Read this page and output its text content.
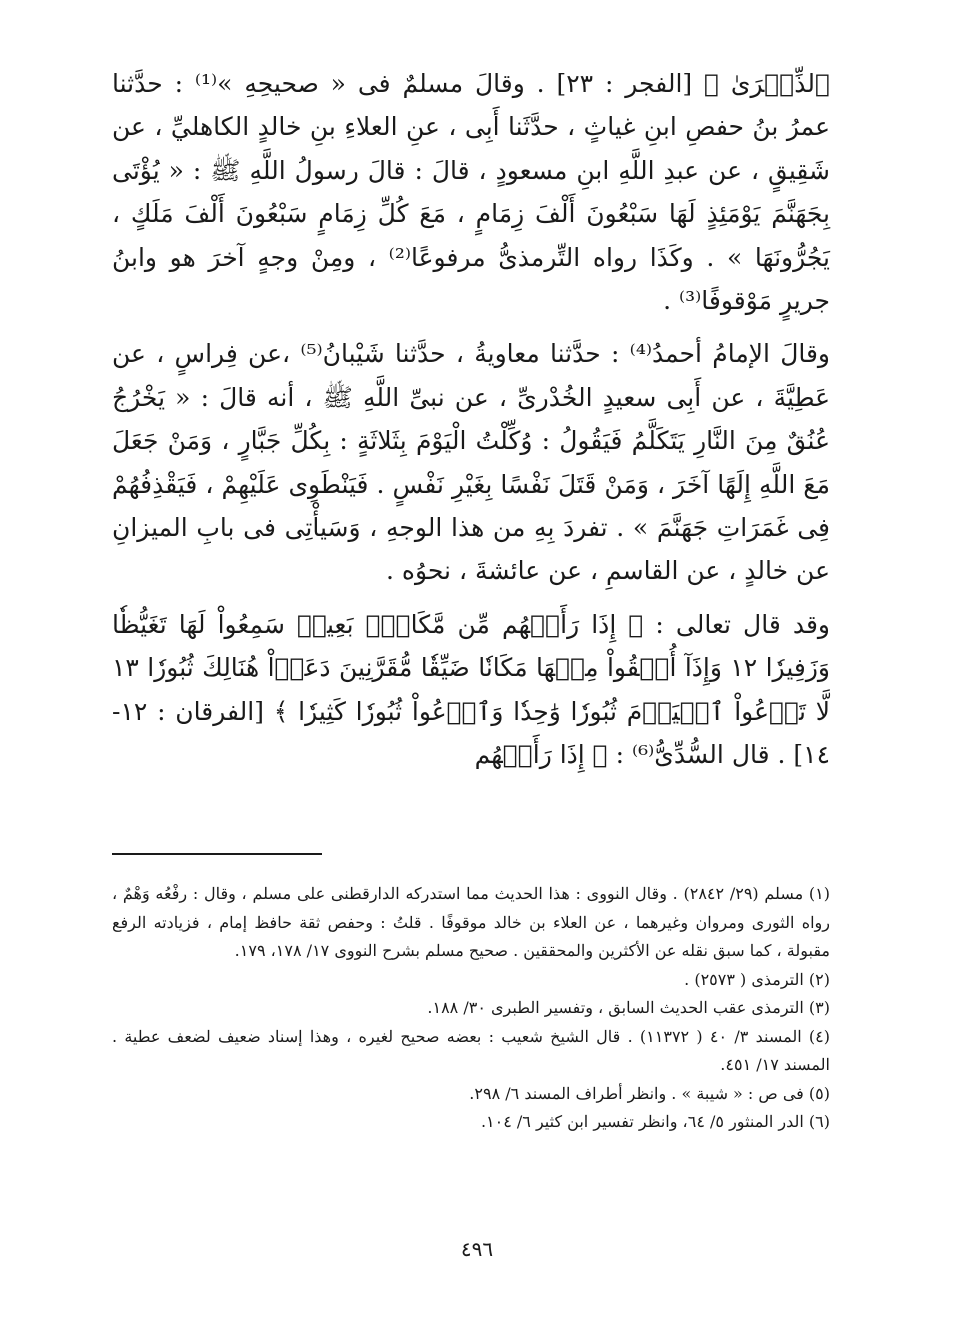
ٱلذِّكۡرَىٰ ﴾ [الفجر : ٢٣] . وقالَ مسلمٌ فى « صحيحِهِ »⁽¹⁾ : حدَّثنا عمرُ بنُ حفصِ ابنِ غياثٍ ، حدَّثَنا أَبِى ، عنِ العلاءِ بنِ خالدٍ الكاهليِّ ، عن شَقِيقٍ ، عن عبدِ اللَّهِ ابنِ مسعودٍ ، قالَ : قالَ رسولُ اللَّهِ ﷺ : « يُؤْتَى بِجَهَنَّمَ يَوْمَئِذٍ لَهَا سَبْعُونَ أَلْفَ زِمَامٍ ، مَعَ كُلِّ زِمَامٍ سَبْعُونَ أَلْفَ مَلَكٍ ، يَجُرُّونَهَا » . وكَذَا رواه التِّرمذىُّ مرفوعًا⁽²⁾ ، ومِنْ وجهٍ آخرَ هو وابنُ جريرٍ مَوْقوفًا⁽³⁾ .

وقالَ الإمامُ أحمدُ⁽⁴⁾ : حدَّثنا معاويةُ ، حدَّثنا شَيْبانُ⁽⁵⁾ ،عن فِراسٍ ، عن عَطِيَّةَ ، عن أَبِى سعيدٍ الخُدْرىِّ ، عن نبىِّ اللَّهِ ﷺ ، أنه قالَ : « يَخْرُجُ عُنُقٌ مِنَ النَّارِ يَتَكَلَّمُ فَيَقُولُ : وُكِّلْتُ الْيَوْمَ بِثَلاثَةٍ : بِكُلِّ جَبَّارٍ ، وَمَنْ جَعَلَ مَعَ اللَّهِ إِلَهًا آخَرَ ، وَمَنْ قَتَلَ نَفْسًا بِغَيْرِ نَفْسٍ . فَيَنْطَوِى عَلَيْهِمْ ، فَيَقْذِفُهُمْ فِى غَمَرَاتِ جَهَنَّمَ » . تفردَ بِهِ من هذا الوجهِ ، وَسَيأْتِى فى بابِ الميزانِ عن خالدٍ ، عن القاسمِ ، عن عائشةَ ، نحوُه .

وقد قال تعالى : ﴿ إِذَا رَأَتۡهُم مِّن مَّكَانِۭ بَعِيدٖ سَمِعُواْ لَهَا تَغَيُّظٗا وَزَفِيرٗا ١٢ وَإِذَآ أُلۡقُواْ مِنۡهَا مَكَانٗا ضَيِّقٗا مُّقَرَّنِينَ دَعَوۡاْ هُنَالِكَ ثُبُورٗا ١٣ لَّا تَدۡعُواْ ٱلۡيَوۡمَ ثُبُورٗا وَٰحِدٗا وَٱدۡعُواْ ثُبُورٗا كَثِيرٗا ﴾ [الفرقان : ١٢- ١٤] . قال السُّدِّىُّ⁽⁶⁾ : ﴿ إِذَا رَأَتۡهُم

(١) مسلم (٢٩/ ٢٨٤٢) . وقال النووى : هذا الحديث مما استدركه الدارقطنى على مسلم ، وقال : رفْعُه وَهْمٌ ، رواه الثورى ومروان وغيرهما ، عن العلاء بن خالد موقوفًا . قلتُ : وحفص ثقة حافظ إمام ، فزيادته الرفع مقبولة ، كما سبق نقله عن الأكثرين والمحققين . صحيح مسلم بشرح النووى ١٧/ ١٧٨، ١٧٩.

(٢) الترمذى ( ٢٥٧٣) .

(٣) الترمذى عقب الحديث السابق ، وتفسير الطبرى ٣٠/ ١٨٨.

(٤) المسند ٣/ ٤٠ ( ١١٣٧٢) . قال الشيخ شعيب : بعضه صحيح لغيره ، وهذا إسناد ضعيف لضعف عطية . المسند ١٧/ ٤٥١.

(٥) فى ص : « شيبة » . وانظر أطراف المسند ٦/ ٢٩٨.

(٦) الدر المنثور ٥/ ٦٤، وانظر تفسير ابن كثير ٦/ ١٠٤.

٤٩٦
